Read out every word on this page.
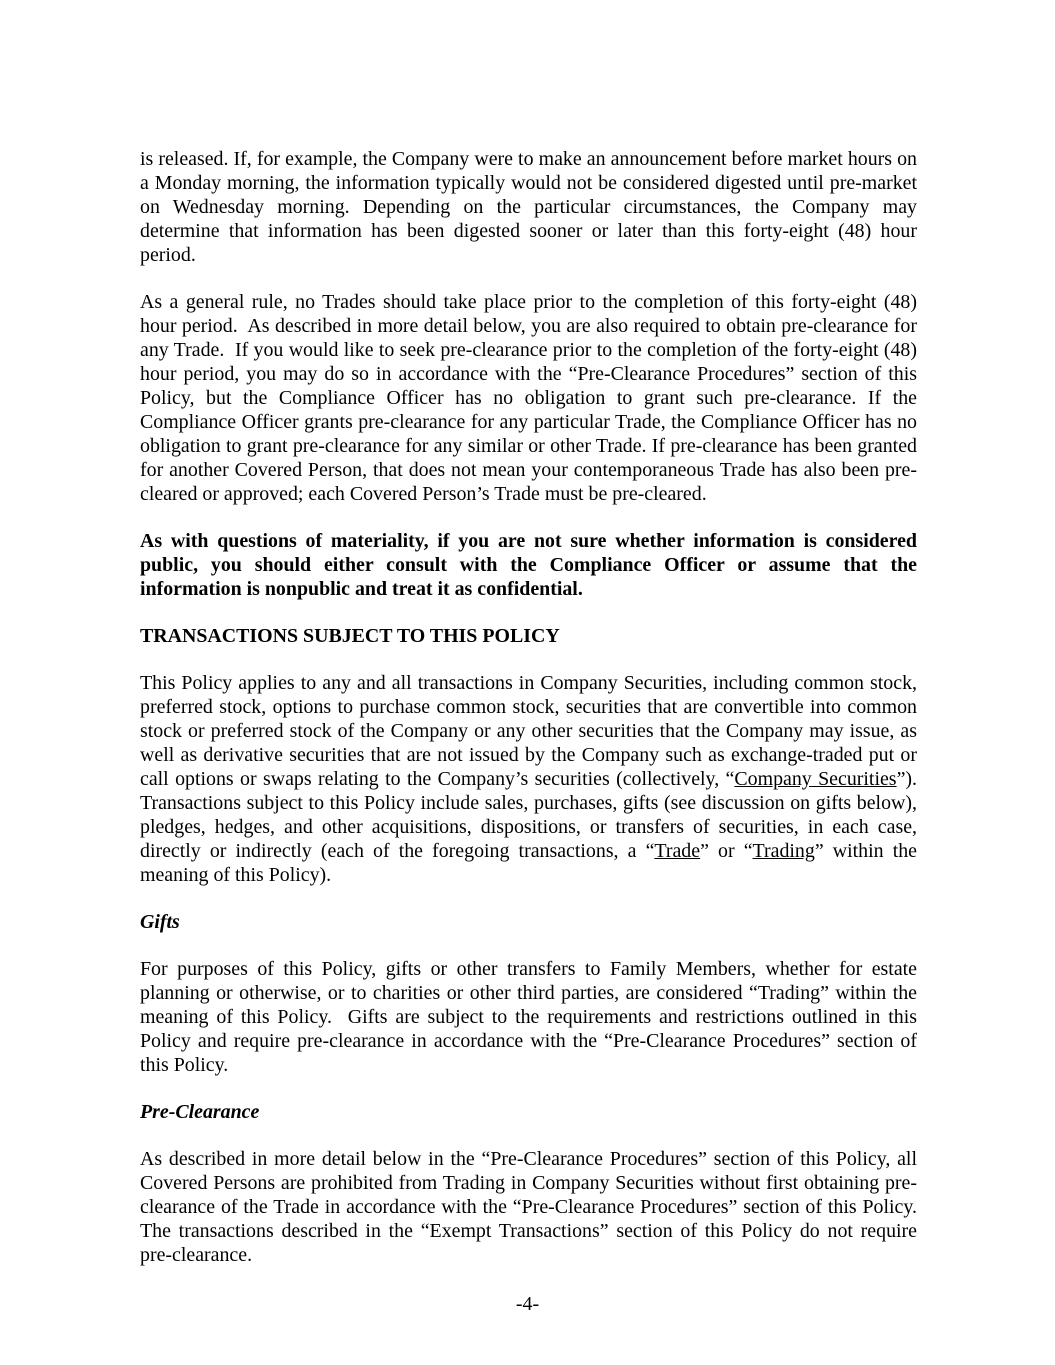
is released. If, for example, the Company were to make an announcement before market hours on a Monday morning, the information typically would not be considered digested until pre-market on Wednesday morning. Depending on the particular circumstances, the Company may determine that information has been digested sooner or later than this forty-eight (48) hour period.

As a general rule, no Trades should take place prior to the completion of this forty-eight (48) hour period.  As described in more detail below, you are also required to obtain pre-clearance for any Trade.  If you would like to seek pre-clearance prior to the completion of the forty-eight (48) hour period, you may do so in accordance with the “Pre-Clearance Procedures” section of this Policy, but the Compliance Officer has no obligation to grant such pre-clearance. If the Compliance Officer grants pre-clearance for any particular Trade, the Compliance Officer has no obligation to grant pre-clearance for any similar or other Trade. If pre-clearance has been granted for another Covered Person, that does not mean your contemporaneous Trade has also been pre-cleared or approved; each Covered Person’s Trade must be pre-cleared.

As with questions of materiality, if you are not sure whether information is considered public, you should either consult with the Compliance Officer or assume that the information is nonpublic and treat it as confidential.

TRANSACTIONS SUBJECT TO THIS POLICY

This Policy applies to any and all transactions in Company Securities, including common stock, preferred stock, options to purchase common stock, securities that are convertible into common stock or preferred stock of the Company or any other securities that the Company may issue, as well as derivative securities that are not issued by the Company such as exchange-traded put or call options or swaps relating to the Company’s securities (collectively, “Company Securities”). Transactions subject to this Policy include sales, purchases, gifts (see discussion on gifts below), pledges, hedges, and other acquisitions, dispositions, or transfers of securities, in each case, directly or indirectly (each of the foregoing transactions, a “Trade” or “Trading” within the meaning of this Policy).

Gifts

For purposes of this Policy, gifts or other transfers to Family Members, whether for estate planning or otherwise, or to charities or other third parties, are considered “Trading” within the meaning of this Policy.  Gifts are subject to the requirements and restrictions outlined in this Policy and require pre-clearance in accordance with the “Pre-Clearance Procedures” section of this Policy.

Pre-Clearance

As described in more detail below in the “Pre-Clearance Procedures” section of this Policy, all Covered Persons are prohibited from Trading in Company Securities without first obtaining pre-clearance of the Trade in accordance with the “Pre-Clearance Procedures” section of this Policy.  The transactions described in the “Exempt Transactions” section of this Policy do not require pre-clearance.

-4-
